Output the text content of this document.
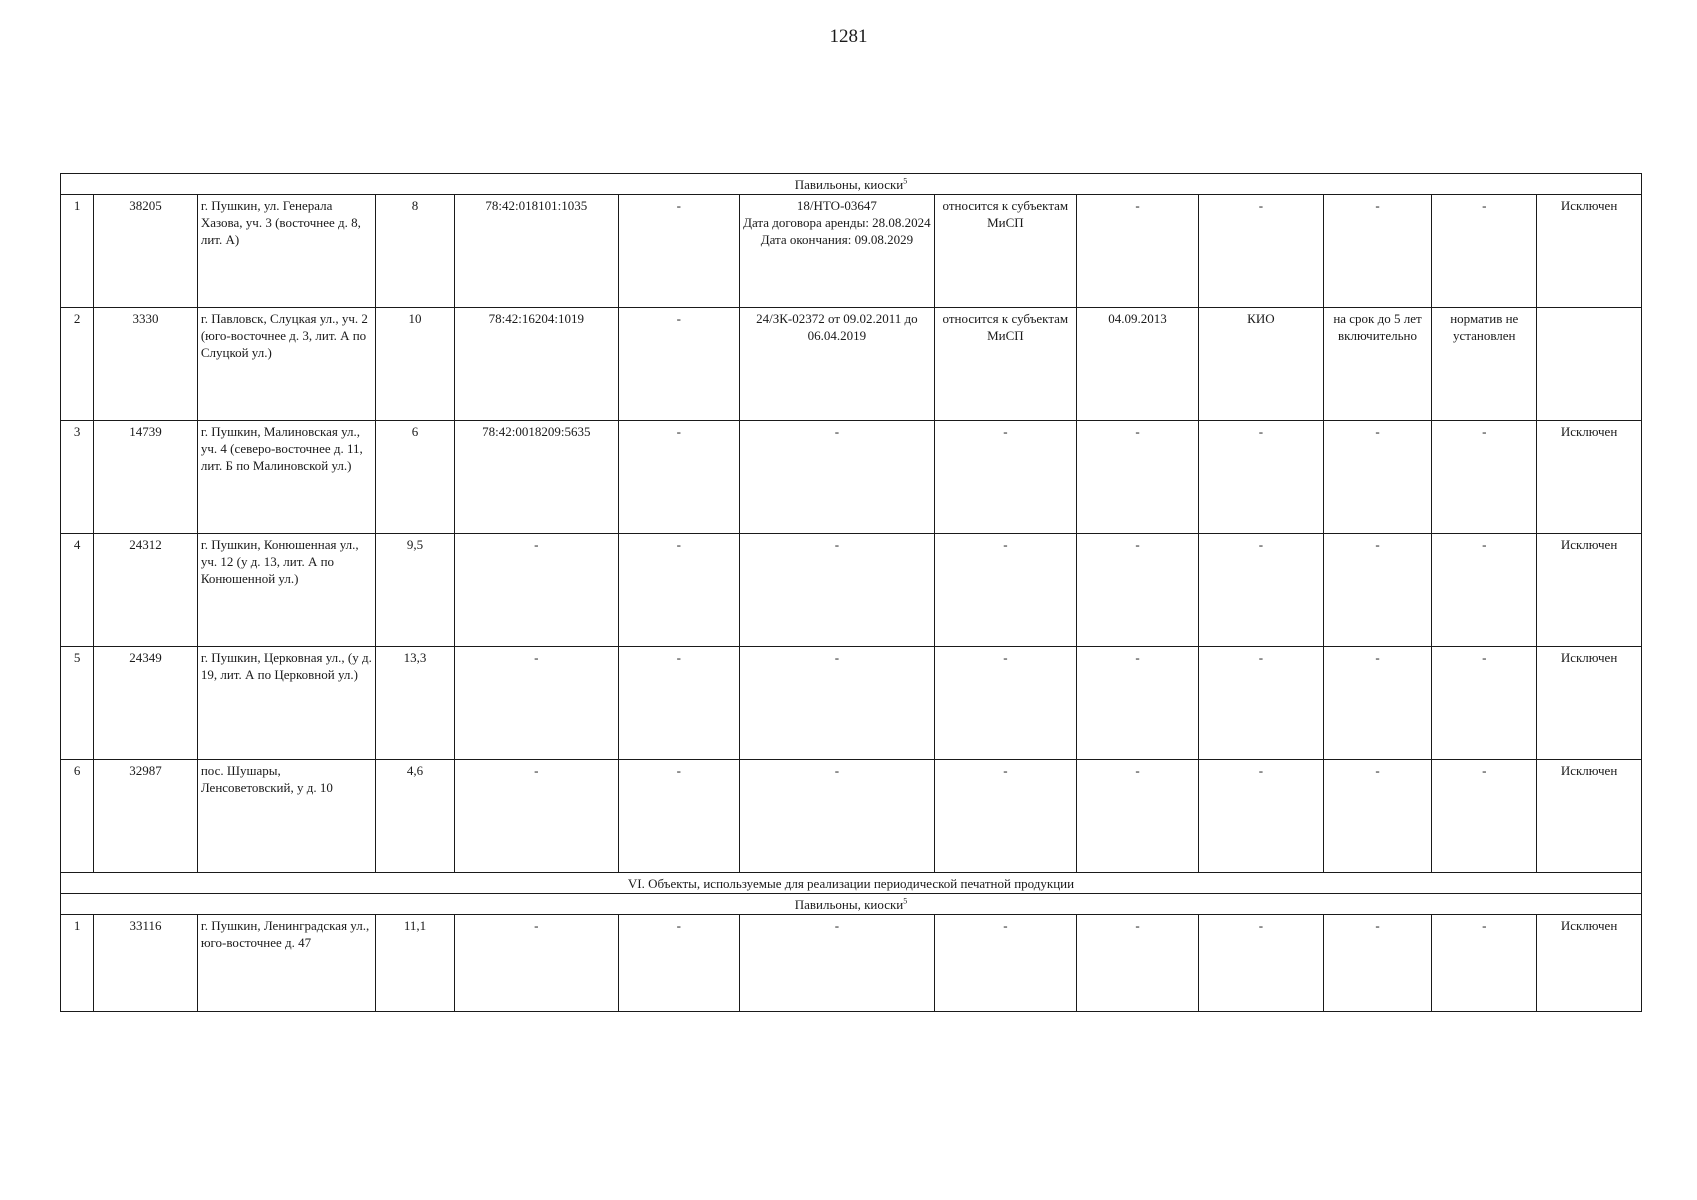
1281
Павильоны, киоски$^5$
1	38205	г. Пушкин, ул. Генерала Хазова, уч. 3 (восточнее д. 8, лит. А)	8	78:42:018101:1035	-	18/НТО-03647
Дата договора аренды: 28.08.2024
Дата окончания: 09.08.2029	относится к субъектам МиСП	-	-	-	-	Исключен
2	3330	г. Павловск, Слуцкая ул., уч. 2 (юго-восточнее д. 3, лит. А по Слуцкой ул.)	10	78:42:16204:1019	-	24/ЗК-02372 от 09.02.2011 до 06.04.2019	относится к субъектам МиСП	04.09.2013	КИО	на срок до 5 лет включительно	норматив не установлен	
3	14739	г. Пушкин, Малиновская ул., уч. 4 (северо-восточнее д. 11, лит. Б по Малиновской ул.)	6	78:42:0018209:5635	-	-	-	-	-	-	-	Исключен
4	24312	г. Пушкин, Конюшенная ул., уч. 12 (у д. 13, лит. А по Конюшенной ул.)	9,5	-	-	-	-	-	-	-	-	Исключен
5	24349	г. Пушкин, Церковная ул., (у д. 19, лит. А по Церковной ул.)	13,3	-	-	-	-	-	-	-	-	Исключен
6	32987	пос. Шушары, Ленсоветовский, у д. 10	4,6	-	-	-	-	-	-	-	-	Исключен
VI. Объекты, используемые для реализации периодической печатной продукции												
Павильоны, киоски$^5$
1	33116	г. Пушкин, Ленинградская ул., юго-восточнее д. 47	11,1	-	-	-	-	-	-	-	-	Исключен
